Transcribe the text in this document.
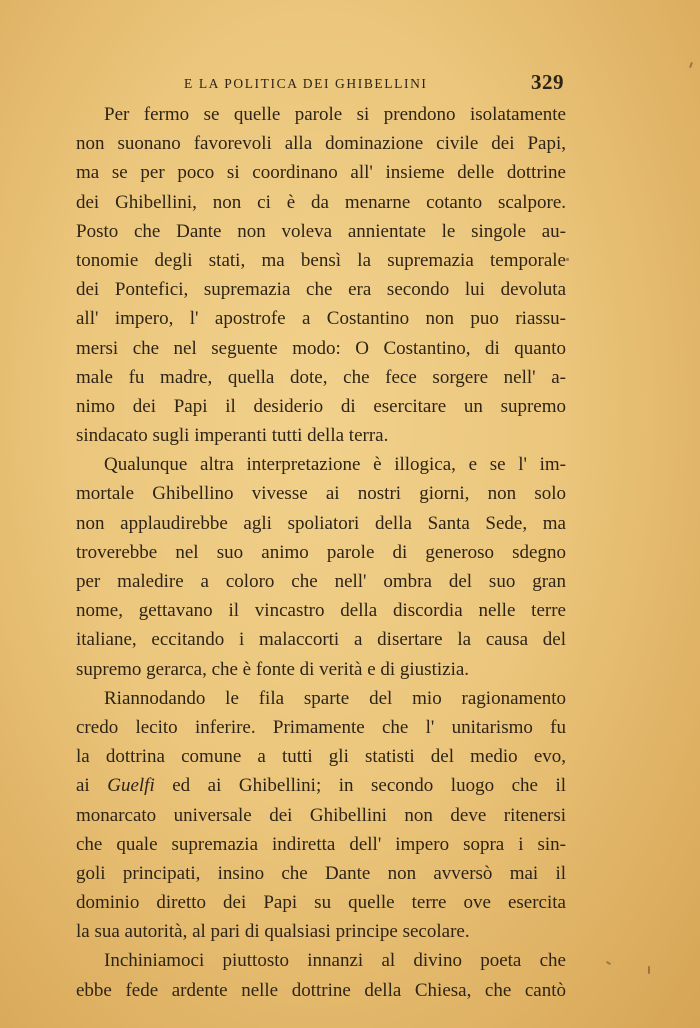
E LA POLITICA DEI GHIBELLINI	329
Per fermo se quelle parole si prendono isolatamente
non suonano favorevoli alla dominazione civile dei Papi,
ma se per poco si coordinano all' insieme delle dottrine
dei Ghibellini, non ci è da menarne cotanto scalpore.
Posto che Dante non voleva annientate le singole au-
tonomie degli stati, ma bensì la supremazia temporale
dei Pontefici, supremazia che era secondo lui devoluta
all' impero, l' apostrofe a Costantino non puo riassu-
mersi che nel seguente modo: O Costantino, di quanto
male fu madre, quella dote, che fece sorgere nell' a-
nimo dei Papi il desiderio di esercitare un supremo
sindacato sugli imperanti tutti della terra.
Qualunque altra interpretazione è illogica, e se l' im-
mortale Ghibellino vivesse ai nostri giorni, non solo
non applaudirebbe agli spoliatori della Santa Sede, ma
troverebbe nel suo animo parole di generoso sdegno
per maledire a coloro che nell' ombra del suo gran
nome, gettavano il vincastro della discordia nelle terre
italiane, eccitando i malaccorti a disertare la causa del
supremo gerarca, che è fonte di verità e di giustizia.
Riannodando le fila sparte del mio ragionamento
credo lecito inferire. Primamente che l' unitarismo fu
la dottrina comune a tutti gli statisti del medio evo,
ai Guelfi ed ai Ghibellini; in secondo luogo che il
monarcato universale dei Ghibellini non deve ritenersi
che quale supremazia indiretta dell' impero sopra i sin-
goli principati, insino che Dante non avversò mai il
dominio diretto dei Papi su quelle terre ove esercita
la sua autorità, al pari di qualsiasi principe secolare.
Inchiniamoci piuttosto innanzi al divino poeta che
ebbe fede ardente nelle dottrine della Chiesa, che cantò
